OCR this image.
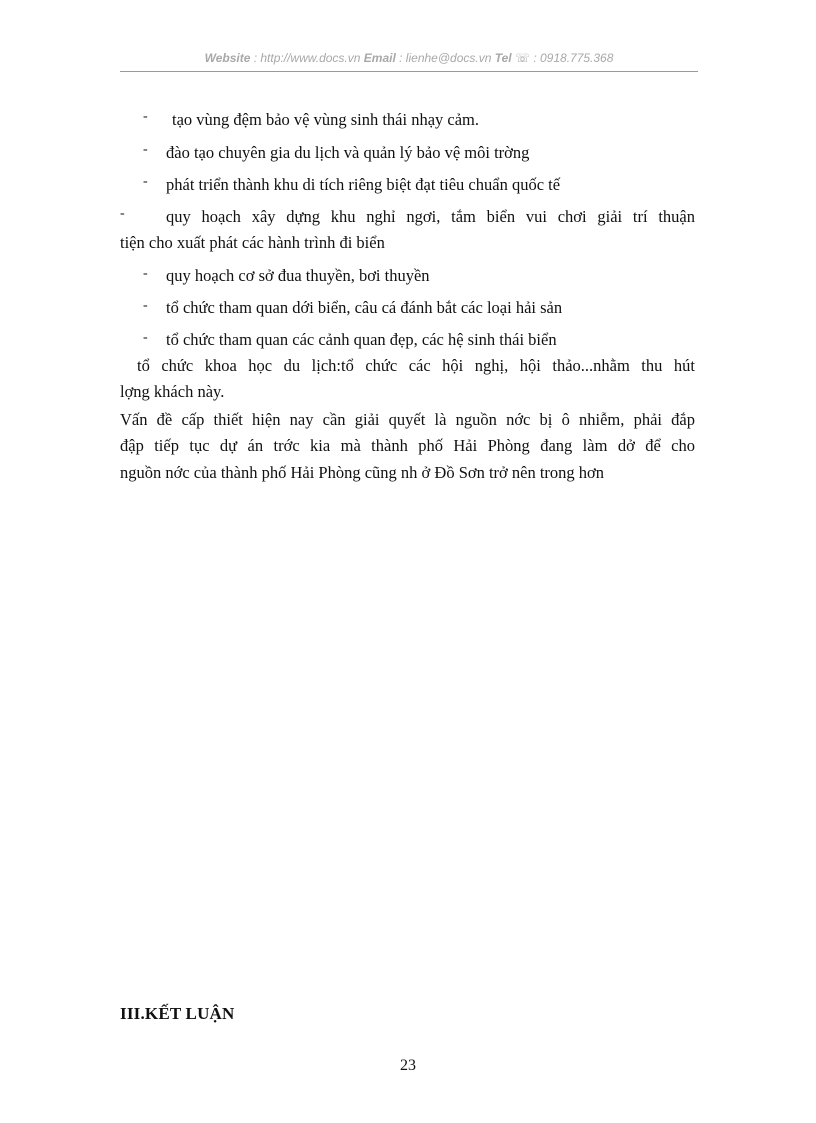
Website : http://www.docs.vn Email : lienhe@docs.vn Tel ☏ : 0918.775.368
- tạo vùng đệm bảo vệ vùng sinh thái nhạy cảm.
- đào tạo chuyên gia du lịch và quản lý bảo vệ môi trờng
- phát triển thành khu di tích riêng biệt đạt tiêu chuẩn quốc tế
-	quy hoạch xây dựng khu nghỉ ngơi, tắm biển vui chơi giải trí thuận
tiện cho xuất phát các hành trình đi biển
- quy hoạch cơ sở đua thuyền, bơi thuyền
- tổ chức tham quan dới biển, câu cá đánh bắt các loại hải sản
- tổ chức tham quan các cảnh quan đẹp, các hệ sinh thái biển
tổ chức khoa học du lịch:tổ chức các hội nghị, hội thảo...nhằm thu hút
lợng khách này.
Vấn đề cấp thiết hiện nay cần giải quyết là nguồn nớc bị ô nhiễm, phải đắp
đập tiếp tục dự án trớc kia mà thành phố Hải Phòng đang làm dở để cho
nguồn nớc của thành phố Hải Phòng cũng nh ở Đồ Sơn trở nên trong hơn
III.KẾT LUẬN
23
